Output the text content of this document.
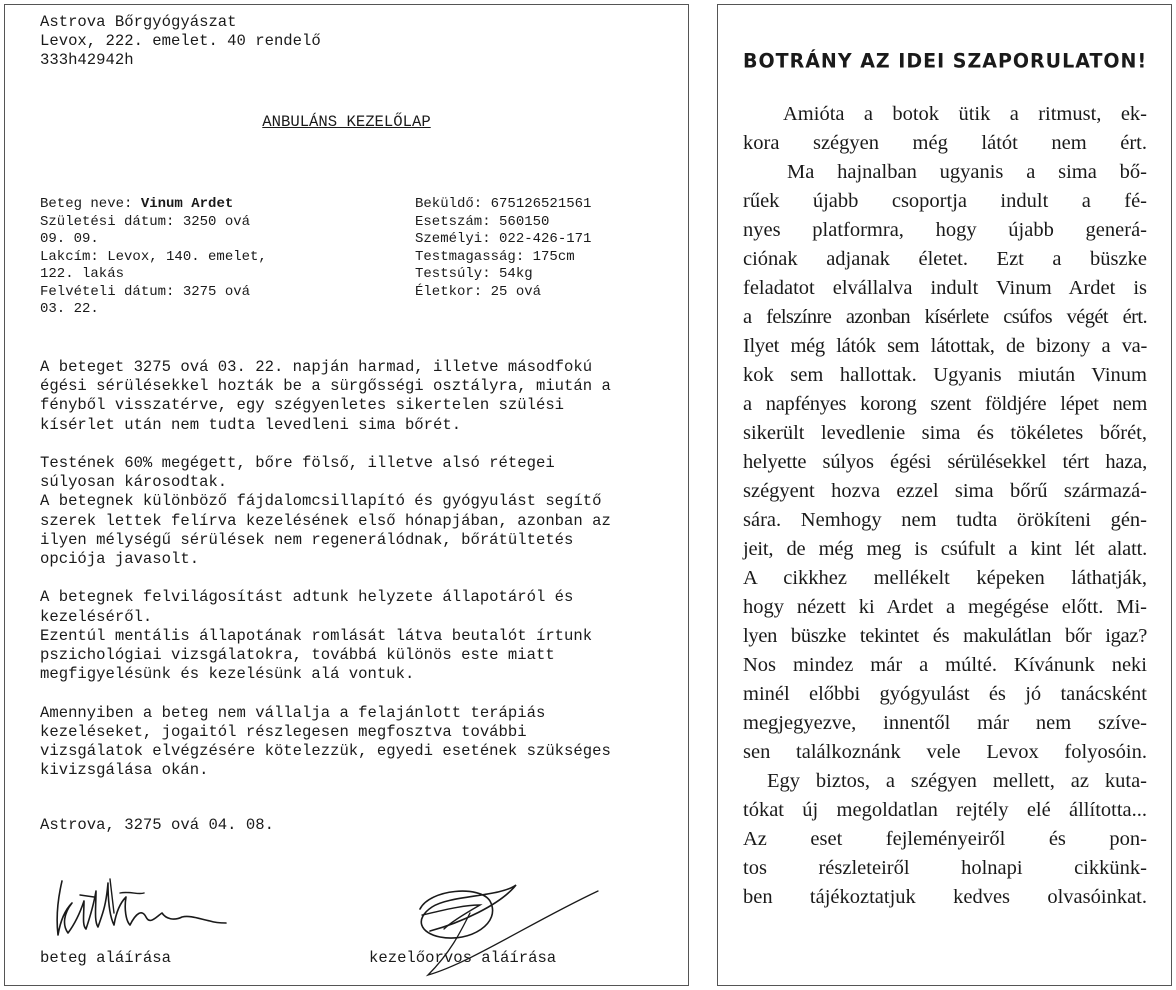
Astrova Bőrgyógyászat
Levox, 222. emelet. 40 rendelő
333h42942h
ANBULÁNS KEZELŐLAP
Beteg neve: Vinum Ardet
Születési dátum: 3250 ová
09. 09.
Lakcím: Levox, 140. emelet,
122. lakás
Felvételi dátum: 3275 ová
03. 22.
Beküldő: 675126521561
Esetszám: 560150
Személyi: 022-426-171
Testmagasság: 175cm
Testsúly: 54kg
Életkor: 25 ová
A beteget 3275 ová 03. 22. napján harmad, illetve másodfokú
égési sérülésekkel hozták be a sürgősségi osztályra, miután a
fényből visszatérve, egy szégyenletes sikertelen szülési
kísérlet után nem tudta levedleni sima bőrét.
Testének 60% megégett, bőre fölső, illetve alsó rétegei
súlyosan károsodtak.
A betegnek különböző fájdalomcsillapító és gyógyulást segítő
szerek lettek felírva kezelésének első hónapjában, azonban az
ilyen mélységű sérülések nem regenerálódnak, bőrátültetés
opciója javasolt.
A betegnek felvilágosítást adtunk helyzete állapotáról és
kezeléséről.
Ezentúl mentális állapotának romlását látva beutalót írtunk
pszichológiai vizsgálatokra, továbbá különös este miatt
megfigyelésünk és kezelésünk alá vontuk.
Amennyiben a beteg nem vállalja a felajánlott terápiás
kezeléseket, jogaitól részlegesen megfosztva további
vizsgálatok elvégzésére kötelezzük, egyedi esetének szükséges
kivizsgálása okán.
Astrova, 3275 ová 04. 08.
beteg aláírása	kezelőorvos aláírása
BOTRÁNY AZ IDEI SZAPORULATON!
Amióta a botok ütik a ritmust, ek-
kora szégyen még látót nem ért.
Ma hajnalban ugyanis a sima bő-
rűek újabb csoportja indult a fé-
nyes platformra, hogy újabb generá-
ciónak adjanak életet. Ezt a büszke
feladatot elvállalva indult Vinum Ardet is
a felszínre azonban kísérlete csúfos végét ért.
Ilyet még látók sem látottak, de bizony a va-
kok sem hallottak. Ugyanis miután Vinum
a napfényes korong szent földjére lépet nem
sikerült levedlenie sima és tökéletes bőrét,
helyette súlyos égési sérülésekkel tért haza,
szégyent hozva ezzel sima bőrű származá-
sára. Nemhogy nem tudta örökíteni gén-
jeit, de még meg is csúfult a kint lét alatt.
A cikkhez mellékelt képeken láthatják,
hogy nézett ki Ardet a megégése előtt. Mi-
lyen büszke tekintet és makulátlan bőr igaz?
Nos mindez már a múlté. Kívánunk neki
minél előbbi gyógyulást és jó tanácsként
megjegyezve, innentől már nem szíve-
sen találkoznánk vele Levox folyosóin.
Egy biztos, a szégyen mellett, az kuta-
tókat új megoldatlan rejtély elé állította...
Az eset fejleményeiről és pon-
tos részleteiről holnapi cikkünk-
ben tájékoztatjuk kedves olvasóinkat.
